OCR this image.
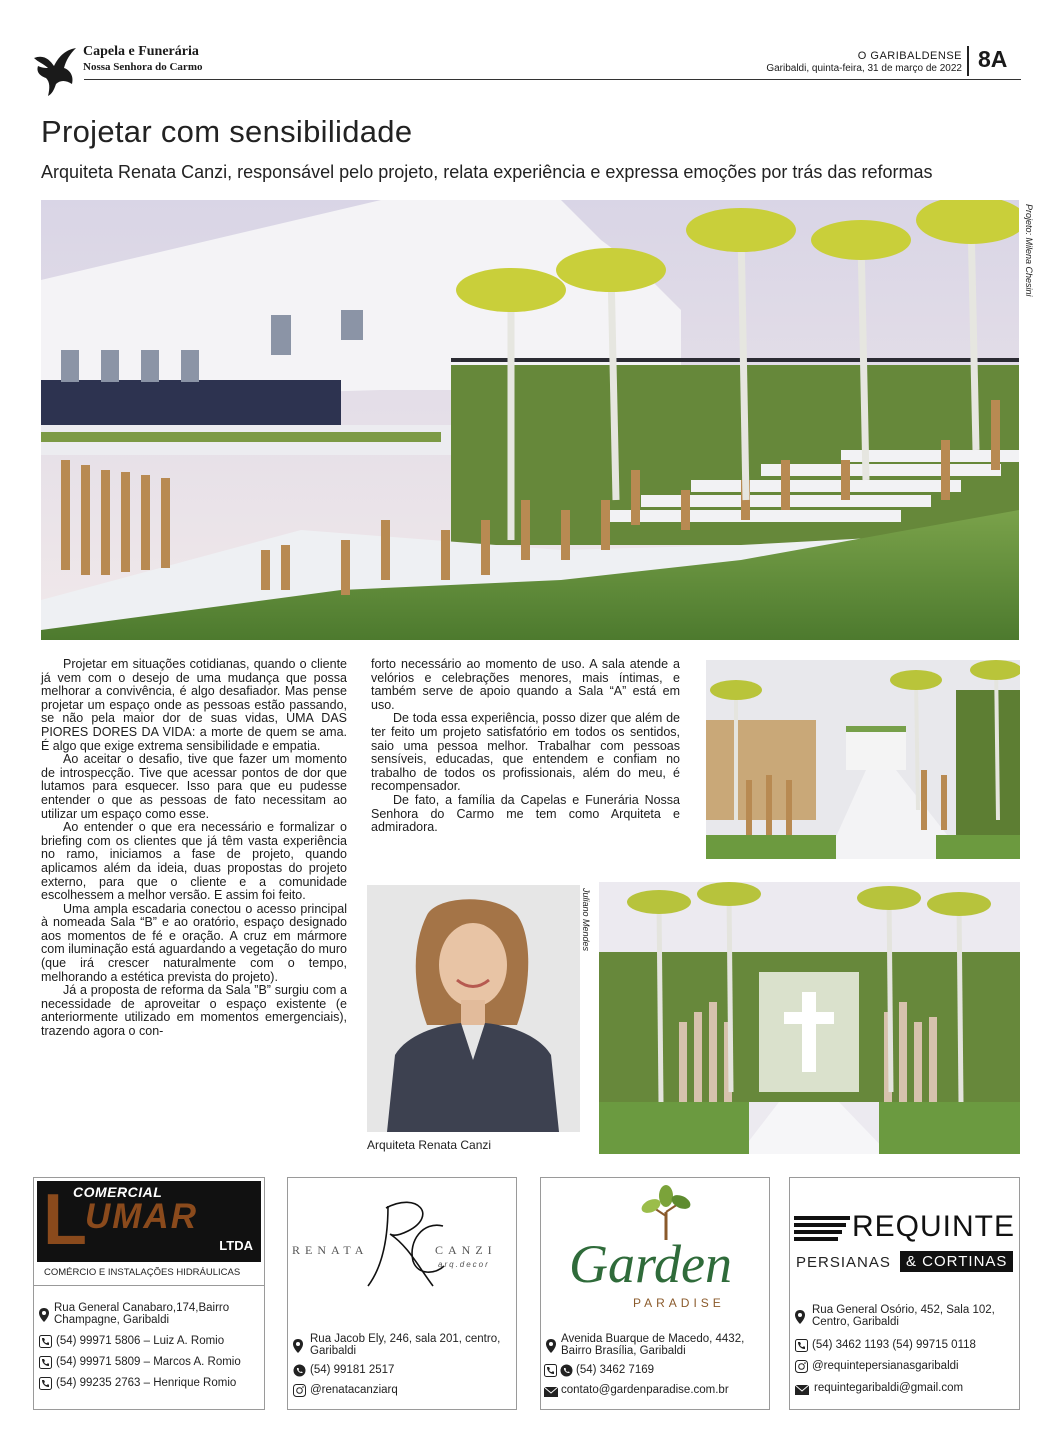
Capela e Funerária
Nossa Senhora do Carmo
O GARIBALDENSE
Garibaldi, quinta-feira, 31 de março de 2022 8A
Projetar com sensibilidade
Arquiteta Renata Canzi, responsável pelo projeto, relata experiência e expressa emoções por trás das reformas
Projeto: Milena Chesini

Projetar em situações cotidianas, quando o cliente já vem com o desejo de uma mudança que possa melhorar a convivência, é algo desafiador. Mas pense projetar um espaço onde as pessoas estão passando, se não pela maior dor de suas vidas, UMA DAS PIORES DORES DA VIDA: a morte de quem se ama. É algo que exige extrema sensibilidade e empatia.

Ao aceitar o desafio, tive que fazer um momento de introspecção. Tive que acessar pontos de dor que lutamos para esquecer. Isso para que eu pudesse entender o que as pessoas de fato necessitam ao utilizar um espaço como esse.

Ao entender o que era necessário e formalizar o briefing com os clientes que já têm vasta experiência no ramo, iniciamos a fase de projeto, quando aplicamos além da ideia, duas propostas do projeto externo, para que o cliente e a comunidade escolhessem a melhor versão. E assim foi feito.

Uma ampla escadaria conectou o acesso principal à nomeada Sala “B” e ao oratório, espaço designado aos momentos de fé e oração. A cruz em mármore com iluminação está aguardando a vegetação do muro (que irá crescer naturalmente com o tempo, melhorando a estética prevista do projeto).

Já a proposta de reforma da Sala ”B” surgiu com a necessidade de aproveitar o espaço existente (e anteriormente utilizado em momentos emergenciais), trazendo agora o con-

forto necessário ao momento de uso. A sala atende a velórios e celebrações menores, mais íntimas, e também serve de apoio quando a Sala “A” está em uso.

De toda essa experiência, posso dizer que além de ter feito um projeto satisfatório em todos os sentidos, saio uma pessoa melhor. Trabalhar com pessoas sensíveis, educadas, que entendem e confiam no trabalho de todos os profissionais, além do meu, é recompensador.

De fato, a família da Capelas e Funerária Nossa Senhora do Carmo me tem como Arquiteta e admiradora.

Juliano Mendes
Arquiteta Renata Canzi
COMERCIAL
L
UMAR
LTDA
COMÉRCIO E INSTALAÇÕES HIDRÁULICAS
Rua General Canabaro,174,Bairro Champagne, Garibaldi
(54) 99971 5806 – Luiz A. Romio
(54) 99971 5809 – Marcos A. Romio
(54) 99235 2763 – Henrique Romio
RENATA	CANZI
arq.decor
Rua Jacob Ely, 246, sala 201, centro, Garibaldi
(54) 99181 2517
@renatacanziarq
Garden
PARADISE
Avenida Buarque de Macedo, 4432, Bairro Brasília, Garibaldi
(54) 3462 7169
contato@gardenparadise.com.br
REQUINTE
PERSIANAS	& CORTINAS
Rua General Osório, 452, Sala 102, Centro, Garibaldi
(54) 3462 1193 (54) 99715 0118
@requintepersianasgaribaldi
requintegaribaldi@gmail.com
